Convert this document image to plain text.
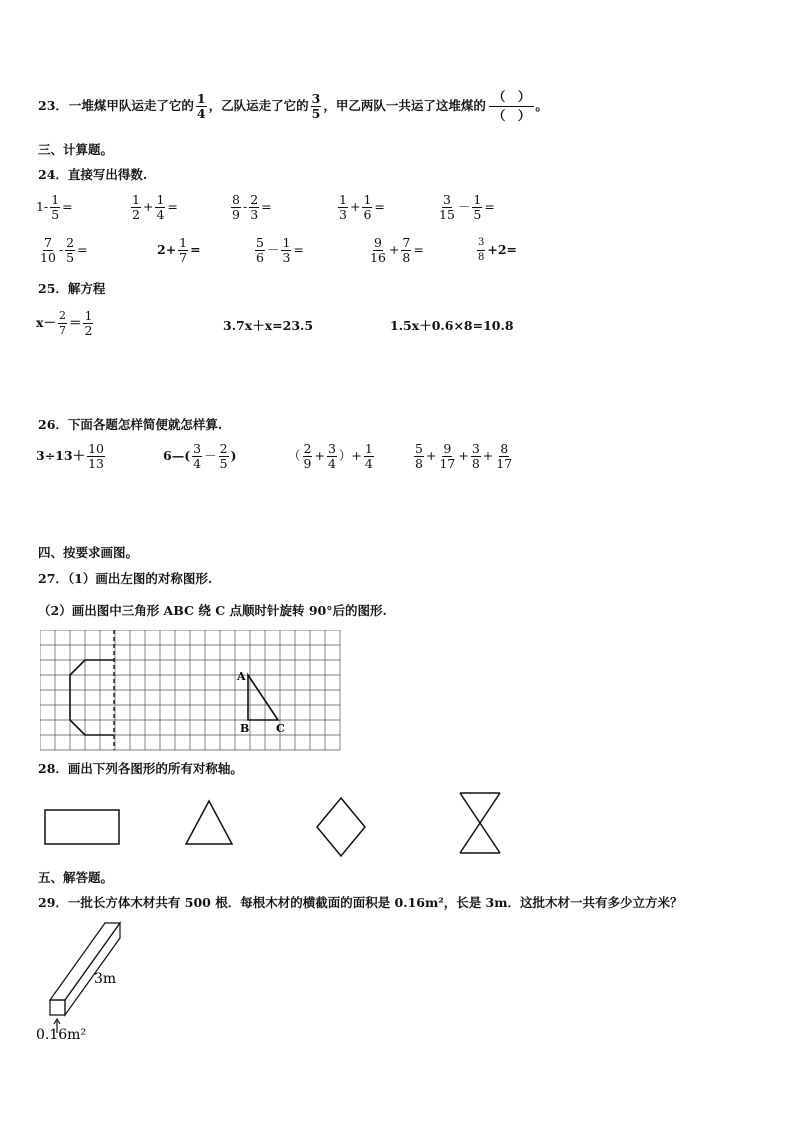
23． 一堆煤甲队运走了它的 $\frac{1}{4}$ ，乙队运走了它的 $\frac{3}{5}$ ，甲乙两队一共运了这堆煤的
（　）
（　）
。
三、计算题。
24．直接写出得数.
$1- \frac{1}{5}$ =	$\frac{1}{2} + \frac{1}{4}$ =	$\frac{8}{9} - \frac{2}{3}$ =	$\frac{1}{3} + \frac{1}{6}$ =	$\frac{3}{15} - \frac{1}{5}$ =
$\frac{7}{10} - \frac{2}{5}$ =	$2+ \frac{1}{7}$ =	$\frac{5}{6} - \frac{1}{3}$ =	$\frac{9}{16} + \frac{7}{8}$ =	$\frac{3}{8} +2=$
25．解方程
$x- \frac{2}{7} = \frac{1}{2}$	3.7x＋x=23.5	1.5x＋0.6×8=10.8
26．下面各题怎样简便就怎样算.
$3\div 13+ \frac{10}{13}$	6—( $\frac{3}{4} - \frac{2}{5}$ )	（ $\frac{2}{9} + \frac{3}{4}$ ）+ $\frac{1}{4}$	$\frac{5}{8} + \frac{9}{17} + \frac{3}{8} + \frac{8}{17}$
四、按要求画图。
27．（1）画出左图的对称图形.
（2）画出图中三角形 ABC 绕 C 点顺时针旋转 90°后的图形.
A
B C
28．画出下列各图形的所有对称轴。
五、解答题。
29．一批长方体木材共有 500 根．每根木材的横截面的面积是 0.16m²，长是 3m．这批木材一共有多少立方米？
3m
0.16m²
